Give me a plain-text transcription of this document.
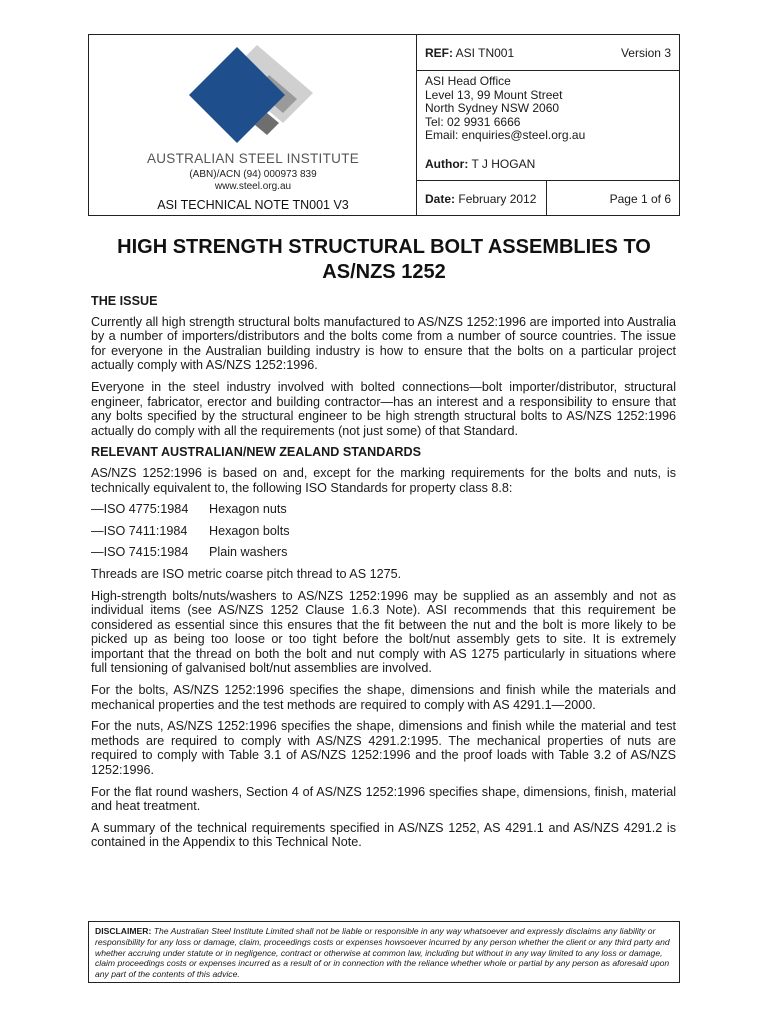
AUSTRALIAN STEEL INSTITUTE
(ABN)/ACN (94) 000973 839
www.steel.org.au
ASI TECHNICAL NOTE TN001 V3
REF: ASI TN001	Version 3
ASI Head Office
Level 13, 99 Mount Street
North Sydney NSW 2060
Tel: 02 9931 6666
Email: enquiries@steel.org.au
Author: T J HOGAN
Date: February 2012	Page 1 of 6
HIGH STRENGTH STRUCTURAL BOLT ASSEMBLIES TO
AS/NZS 1252
THE ISSUE

Currently all high strength structural bolts manufactured to AS/NZS 1252:1996 are imported into Australia by a number of importers/distributors and the bolts come from a number of source countries. The issue for everyone in the Australian building industry is how to ensure that the bolts on a particular project actually comply with AS/NZS 1252:1996.

Everyone in the steel industry involved with bolted connections—bolt importer/distributor, structural engineer, fabricator, erector and building contractor—has an interest and a responsibility to ensure that any bolts specified by the structural engineer to be high strength structural bolts to AS/NZS 1252:1996 actually do comply with all the requirements (not just some) of that Standard.

RELEVANT AUSTRALIAN/NEW ZEALAND STANDARDS

AS/NZS 1252:1996 is based on and, except for the marking requirements for the bolts and nuts, is technically equivalent to, the following ISO Standards for property class 8.8:

—ISO 4775:1984	Hexagon nuts
—ISO 7411:1984	Hexagon bolts
—ISO 7415:1984	Plain washers

Threads are ISO metric coarse pitch thread to AS 1275.

High-strength bolts/nuts/washers to AS/NZS 1252:1996 may be supplied as an assembly and not as individual items (see AS/NZS 1252 Clause 1.6.3 Note). ASI recommends that this requirement be considered as essential since this ensures that the fit between the nut and the bolt is more likely to be picked up as being too loose or too tight before the bolt/nut assembly gets to site. It is extremely important that the thread on both the bolt and nut comply with AS 1275 particularly in situations where full tensioning of galvanised bolt/nut assemblies are involved.

For the bolts, AS/NZS 1252:1996 specifies the shape, dimensions and finish while the materials and mechanical properties and the test methods are required to comply with AS 4291.1—2000.

For the nuts, AS/NZS 1252:1996 specifies the shape, dimensions and finish while the material and test methods are required to comply with AS/NZS 4291.2:1995. The mechanical properties of nuts are required to comply with Table 3.1 of AS/NZS 1252:1996 and the proof loads with Table 3.2 of AS/NZS 1252:1996.

For the flat round washers, Section 4 of AS/NZS 1252:1996 specifies shape, dimensions, finish, material and heat treatment.

A summary of the technical requirements specified in AS/NZS 1252, AS 4291.1 and AS/NZS 4291.2 is contained in the Appendix to this Technical Note.

DISCLAIMER: The Australian Steel Institute Limited shall not be liable or responsible in any way whatsoever and expressly disclaims any liability or responsibility for any loss or damage, claim, proceedings costs or expenses howsoever incurred by any person whether the client or any third party and whether accruing under statute or in negligence, contract or otherwise at common law, including but without in any way limited to any loss or damage, claim proceedings costs or expenses incurred as a result of or in connection with the reliance whether whole or partial by any person as aforesaid upon any part of the contents of this advice.
